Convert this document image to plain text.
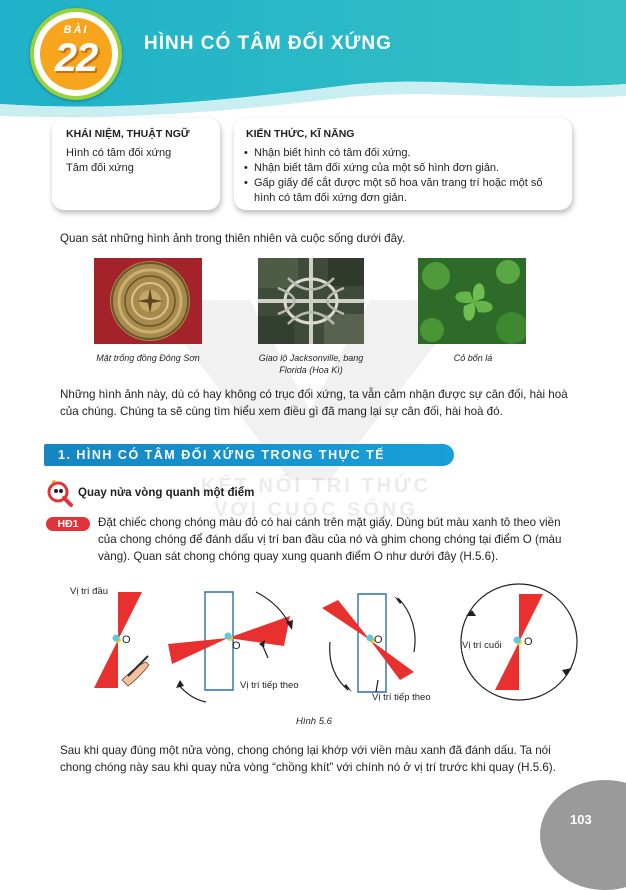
BÀI
22	HÌNH CÓ TÂM ĐỐI XỨNG
KHÁI NIỆM, THUẬT NGỮ
Hình có tâm đối xứng
Tâm đối xứng
KIẾN THỨC, KĨ NĂNG
• Nhận biết hình có tâm đối xứng.
• Nhận biết tâm đối xứng của một số hình đơn giản.
• Gấp giấy để cắt được một số hoa văn trang trí hoặc một số hình có tâm đối xứng đơn giản.
KẾT NỐI TRI THỨC VỚI CUỘC SỐNG
Quan sát những hình ảnh trong thiên nhiên và cuộc sống dưới đây.
Mặt trống đồng Đông Sơn	Giao lộ Jacksonville, bang Florida (Hoa Kì)
Cỏ bốn lá
Những hình ảnh này, dù có hay không có trục đối xứng, ta vẫn cảm nhận được sự cân đối, hài hoà của chúng. Chúng ta sẽ cùng tìm hiểu xem điều gì đã mang lại sự cân đối, hài hoà đó.
1. HÌNH CÓ TÂM ĐỐI XỨNG TRONG THỰC TẾ
Quay nửa vòng quanh một điểm
HĐ1	Đặt chiếc chong chóng màu đỏ có hai cánh trên mặt giấy. Dùng bút màu xanh tô theo viền của chong chóng để đánh dấu vị trí ban đầu của nó và ghim chong chóng tại điểm O (màu vàng). Quan sát chong chóng quay xung quanh điểm O như dưới đây (H.5.6).
Vị trí đầu
O	O	O	O
Vị trí tiếp theo
Vị trí tiếp theo
Vị trí cuối
Hình 5.6
Sau khi quay đúng một nửa vòng, chong chóng lại khớp với viền màu xanh đã đánh dấu. Ta nói chong chóng này sau khi quay nửa vòng “chồng khít” với chính nó ở vị trí trước khi quay (H.5.6).
103
